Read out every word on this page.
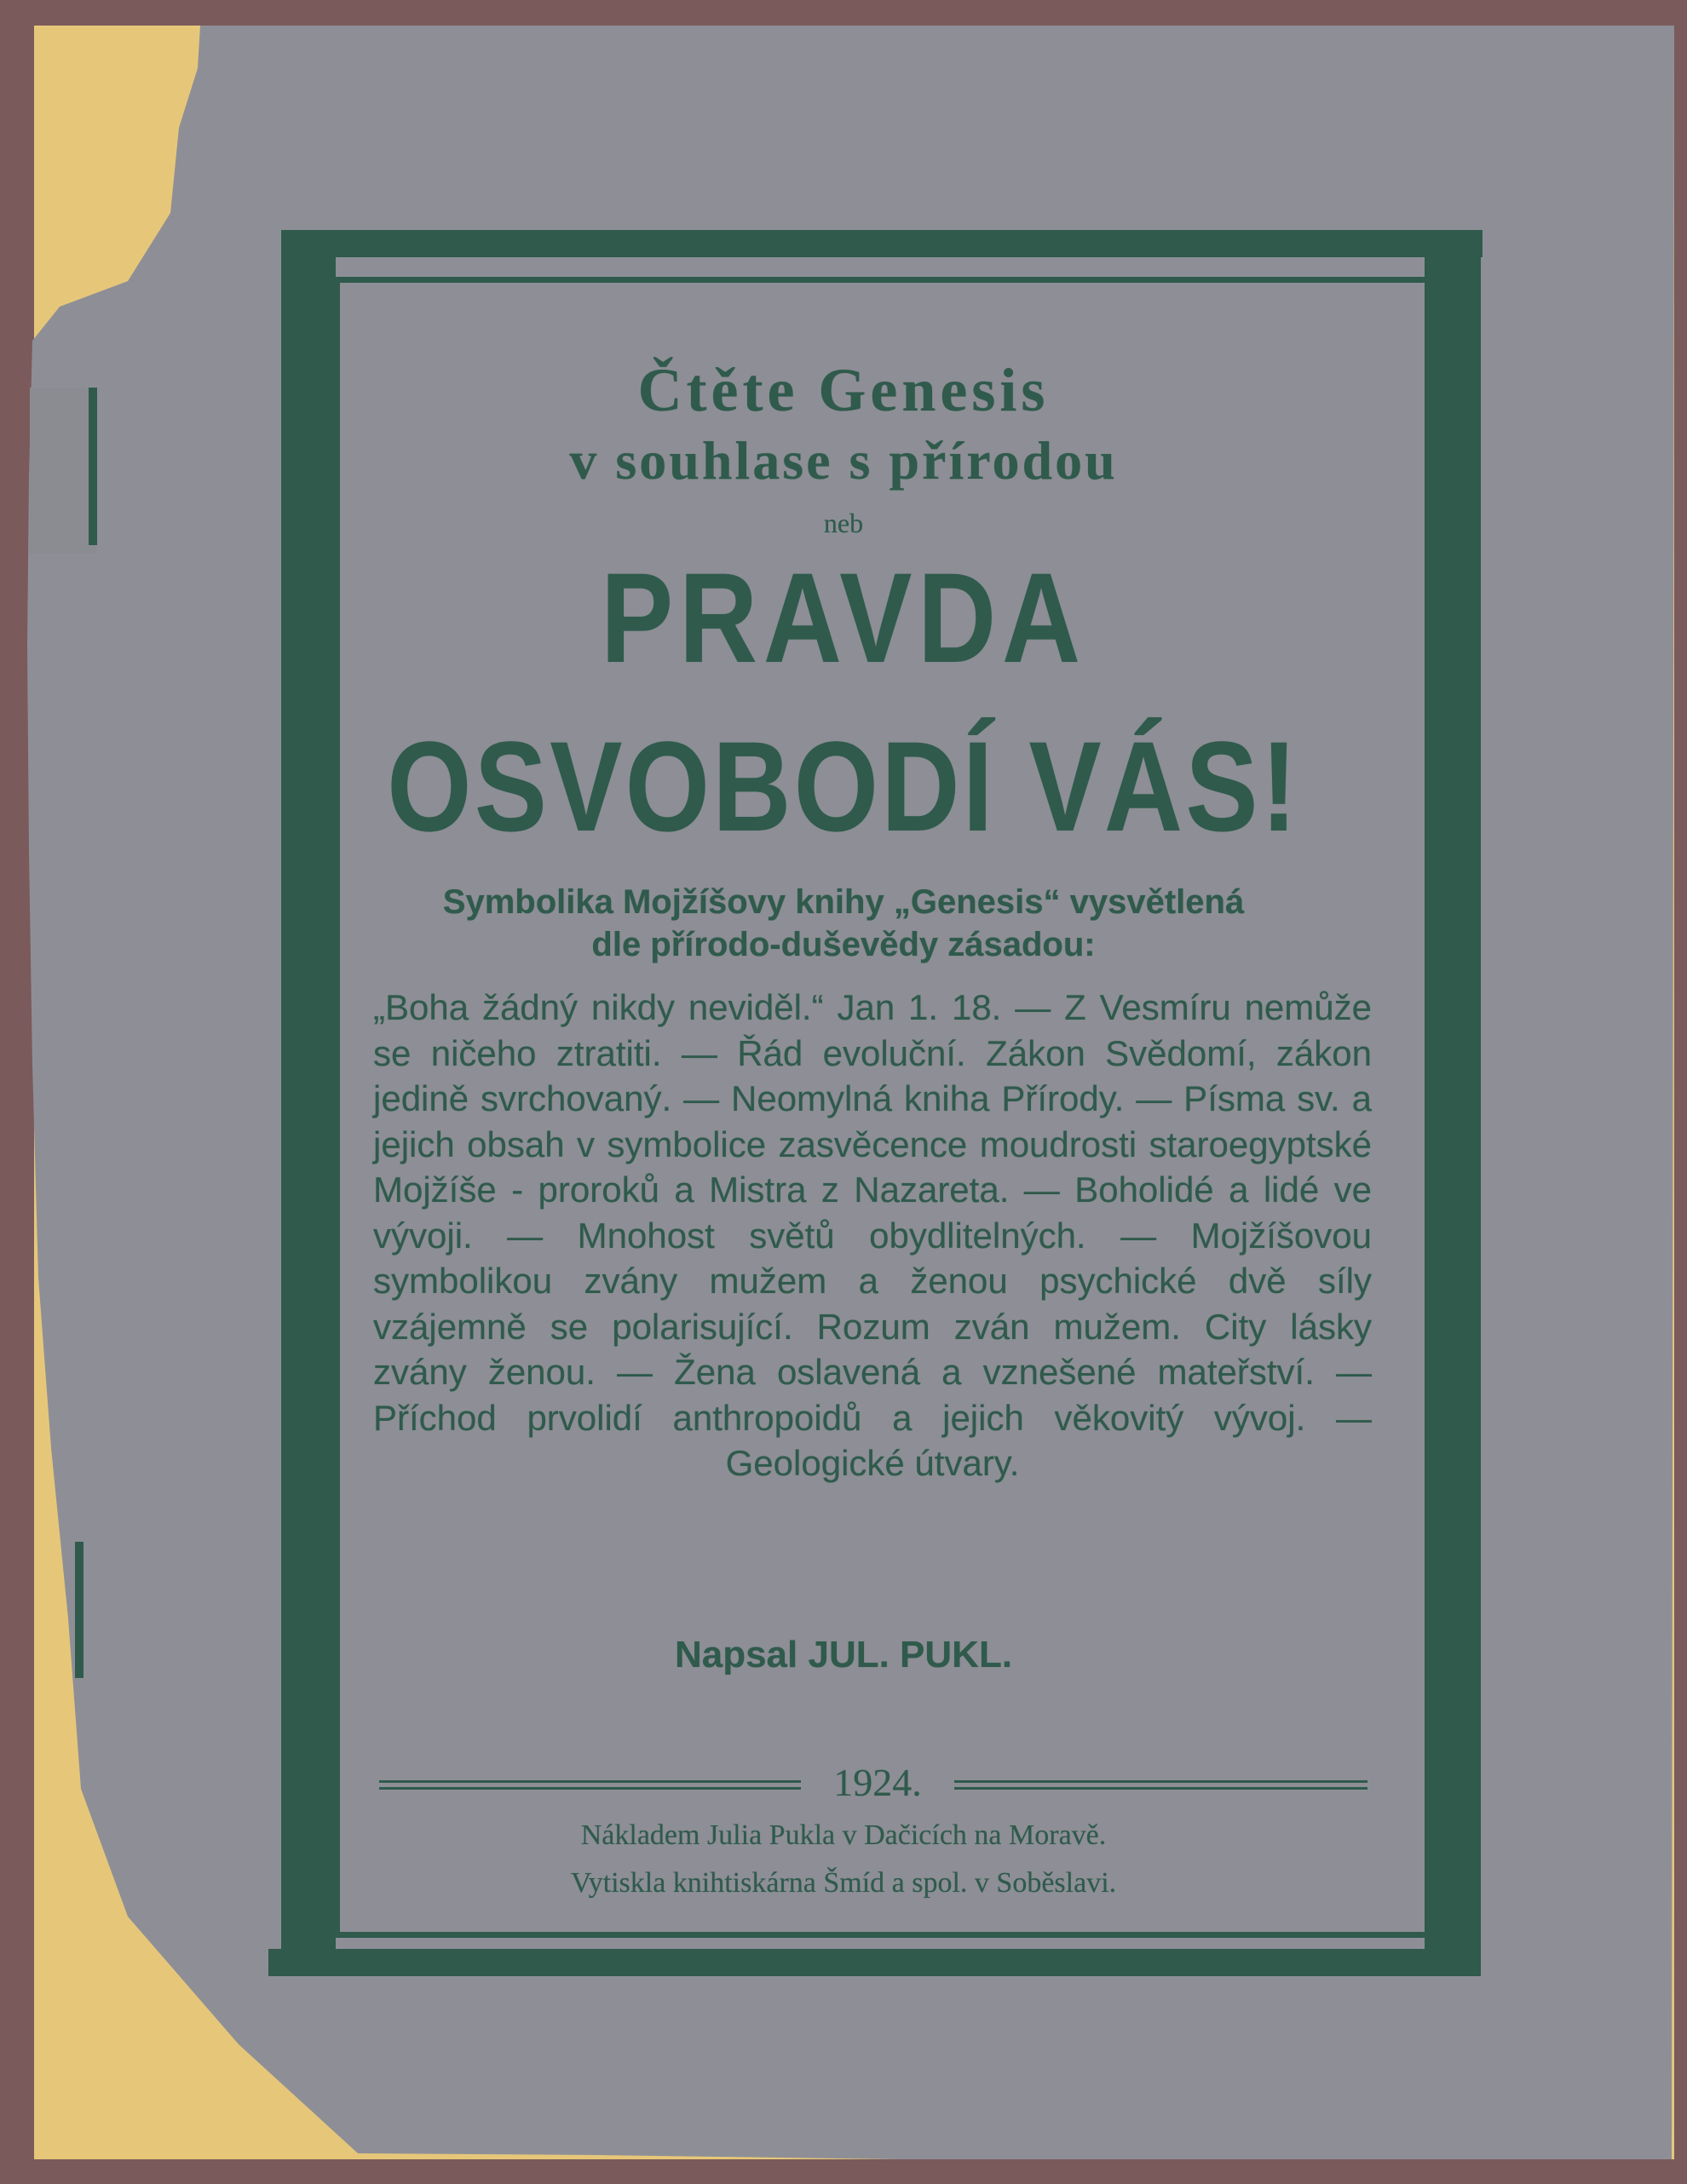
Čtěte Genesis

v souhlase s přírodou

neb

PRAVDA

OSVOBODÍ VÁS!

Symbolika Mojžíšovy knihy „Genesis“ vysvětlená
dle přírodo-duševědy zásadou:

„Boha žádný nikdy neviděl.“ Jan 1. 18. — Z Vesmíru nemůže se ničeho ztratiti. — Řád evoluční. Zákon Svědomí, zákon jedině svrchovaný. — Neomylná kniha Přírody. — Písma sv. a jejich obsah v symbolice zasvěcence moudrosti staroegyptské Mojžíše - proroků a Mistra z Nazareta. — Boholidé a lidé ve vývoji. — Mnohost světů obydlitelných. — Mojžíšovou symbolikou zvány mužem a ženou psychické dvě síly vzájemně se polarisující. Rozum zván mužem. City lásky zvány ženou. — Žena oslavená a vznešené mateřství. — Příchod prvolidí anthropoidů a jejich věkovitý vývoj. — Geologické útvary.

Napsal JUL. PUKL.

1924.

Nákladem Julia Pukla v Dačicích na Moravě.

Vytiskla knihtiskárna Šmíd a spol. v Soběslavi.
